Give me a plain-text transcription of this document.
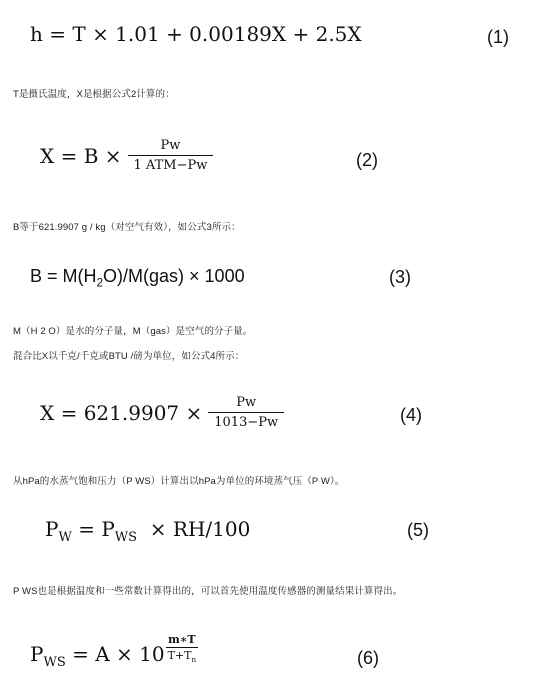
h = T × 1.01 + 0.00189X + 2.5X	(1)
T是摄氏温度，X是根据公式2计算的：
$X = B \times \frac{Pw}{\text{1 ATM−Pw}}$	(2)
B等于621.9907 g / kg（对空气有效），如公式3所示：
$B = M(H_2O)/M(gas) \times 1000$	(3)
M（H 2 O）是水的分子量，M（gas）是空气的分子量。
混合比X以千克/千克或BTU /磅为单位，如公式4所示：
$X = 621.9907 \times \frac{Pw}{1013-Pw}$	(4)
从hPa的水蒸气饱和压力（P WS）计算出以hPa为单位的环境蒸气压（P W）。
$P_W = P_{WS} \times RH/100$	(5)
P WS也是根据温度和一些常数计算得出的，可以首先使用温度传感器的测量结果计算得出。
$P_{WS} = A \times 10 \frac{m∗T}{T+T_n}$	(6)
